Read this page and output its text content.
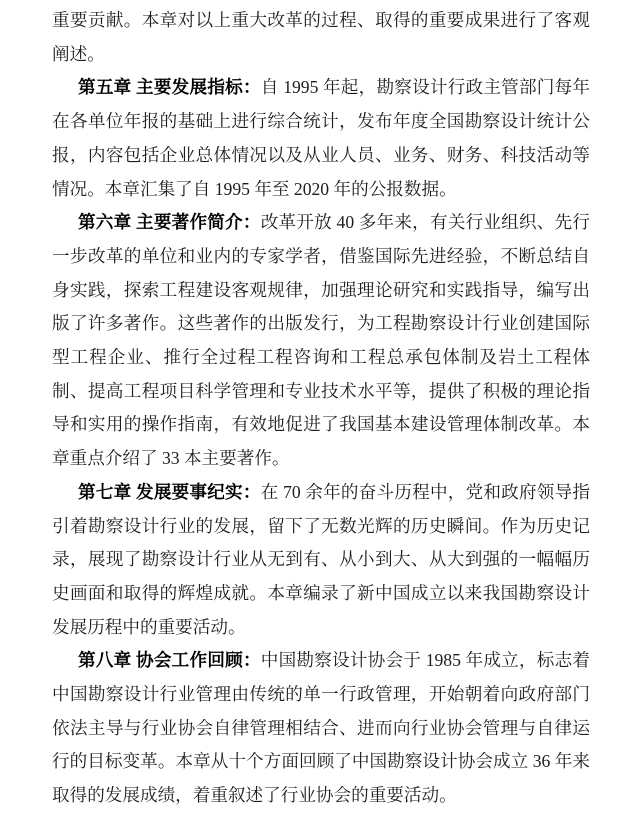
重要贡献。本章对以上重大改革的过程、取得的重要成果进行了客观阐述。

第五章 主要发展指标：自 1995 年起，勘察设计行政主管部门每年在各单位年报的基础上进行综合统计，发布年度全国勘察设计统计公报，内容包括企业总体情况以及从业人员、业务、财务、科技活动等情况。本章汇集了自 1995 年至 2020 年的公报数据。

第六章 主要著作简介：改革开放 40 多年来，有关行业组织、先行一步改革的单位和业内的专家学者，借鉴国际先进经验，不断总结自身实践，探索工程建设客观规律，加强理论研究和实践指导，编写出版了许多著作。这些著作的出版发行，为工程勘察设计行业创建国际型工程企业、推行全过程工程咨询和工程总承包体制及岩土工程体制、提高工程项目科学管理和专业技术水平等，提供了积极的理论指导和实用的操作指南，有效地促进了我国基本建设管理体制改革。本章重点介绍了 33 本主要著作。

第七章 发展要事纪实：在 70 余年的奋斗历程中，党和政府领导指引着勘察设计行业的发展，留下了无数光辉的历史瞬间。作为历史记录，展现了勘察设计行业从无到有、从小到大、从大到强的一幅幅历史画面和取得的辉煌成就。本章编录了新中国成立以来我国勘察设计发展历程中的重要活动。

第八章 协会工作回顾：中国勘察设计协会于 1985 年成立，标志着中国勘察设计行业管理由传统的单一行政管理，开始朝着向政府部门依法主导与行业协会自律管理相结合、进而向行业协会管理与自律运行的目标变革。本章从十个方面回顾了中国勘察设计协会成立 36 年来取得的发展成绩，着重叙述了行业协会的重要活动。
